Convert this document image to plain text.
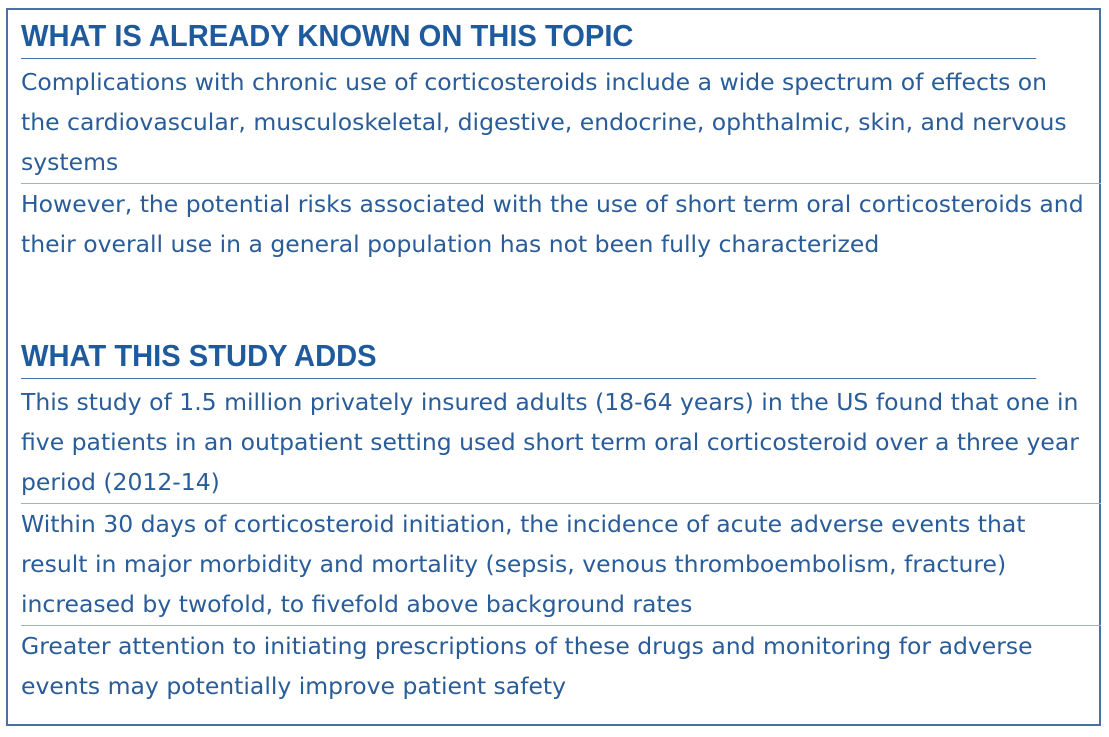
WHAT IS ALREADY KNOWN ON THIS TOPIC

Complications with chronic use of corticosteroids include a wide spectrum of effects on the cardiovascular, musculoskeletal, digestive, endocrine, ophthalmic, skin, and nervous systems

However, the potential risks associated with the use of short term oral corticosteroids and their overall use in a general population has not been fully characterized

WHAT THIS STUDY ADDS

This study of 1.5 million privately insured adults (18-64 years) in the US found that one in five patients in an outpatient setting used short term oral corticosteroid over a three year period (2012-14)

Within 30 days of corticosteroid initiation, the incidence of acute adverse events that result in major morbidity and mortality (sepsis, venous thromboembolism, fracture) increased by twofold, to fivefold above background rates

Greater attention to initiating prescriptions of these drugs and monitoring for adverse events may potentially improve patient safety
